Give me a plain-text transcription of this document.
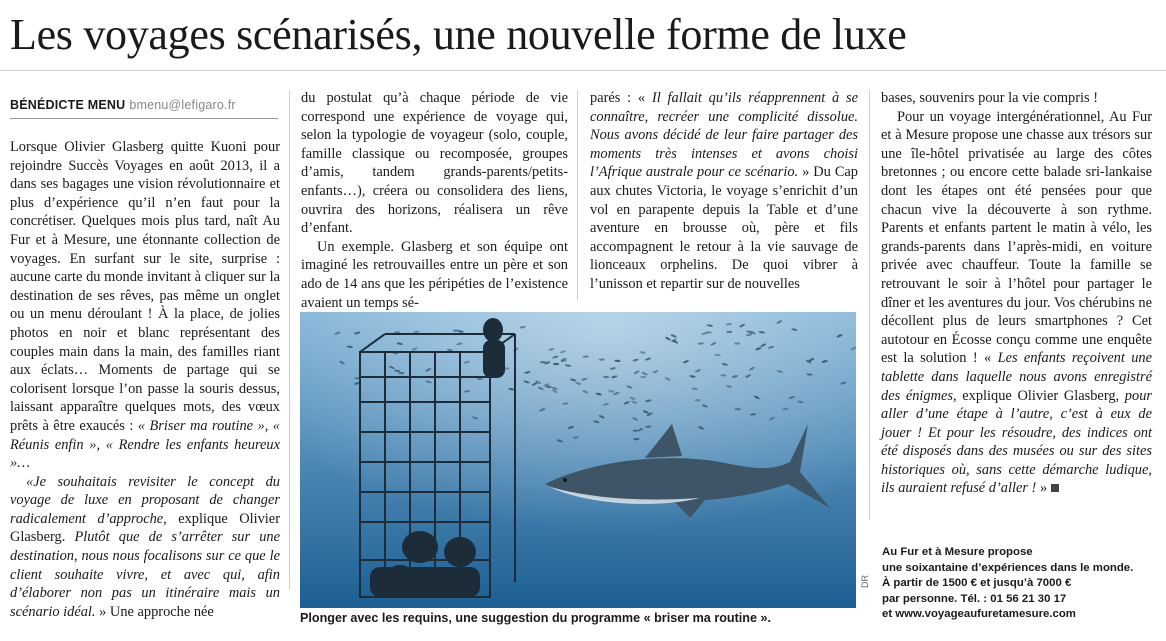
Les voyages scénarisés, une nouvelle forme de luxe
BÉNÉDICTE MENU bmenu@lefigaro.fr

Lorsque Olivier Glasberg quitte Kuoni pour rejoindre Succès Voyages en août 2013, il a dans ses bagages une vision révolutionnaire et plus d’expérience qu’il n’en faut pour la concrétiser. Quelques mois plus tard, naît Au Fur et à Mesure, une étonnante collection de voyages. En surfant sur le site, surprise : aucune carte du monde invitant à cliquer sur la destination de ses rêves, pas même un onglet ou un menu déroulant ! À la place, de jolies photos en noir et blanc représentant des couples main dans la main, des familles riant aux éclats… Moments de partage qui se colorisent lorsque l’on passe la souris dessus, laissant apparaître quelques mots, des vœux prêts à être exaucés : « Briser ma routine », « Réunis enfin », « Rendre les enfants heureux »…

«Je souhaitais revisiter le concept du voyage de luxe en proposant de changer radicalement d’approche, explique Olivier Glasberg. Plutôt que de s’arrêter sur une destination, nous nous focalisons sur ce que le client souhaite vivre, et avec qui, afin d’élaborer non pas un itinéraire mais un scénario idéal. » Une approche née

du postulat qu’à chaque période de vie correspond une expérience de voyage qui, selon la typologie de voyageur (solo, couple, famille classique ou recomposée, groupes d’amis, tandem grands-parents/petits-enfants…), créera ou consolidera des liens, ouvrira des horizons, réalisera un rêve d’enfant.

Un exemple. Glasberg et son équipe ont imaginé les retrouvailles entre un père et son ado de 14 ans que les péripéties de l’existence avaient un temps sé-

parés : « Il fallait qu’ils réapprennent à se connaître, recréer une complicité dissolue. Nous avons décidé de leur faire partager des moments très intenses et avons choisi l’Afrique australe pour ce scénario. » Du Cap aux chutes Victoria, le voyage s’enrichit d’un vol en parapente depuis la Table et d’une aventure en brousse où, père et fils accompagnent le retour à la vie sauvage de lionceaux orphelins. De quoi vibrer à l’unisson et repartir sur de nouvelles

bases, souvenirs pour la vie compris !

Pour un voyage intergénérationnel, Au Fur et à Mesure propose une chasse aux trésors sur une île-hôtel privatisée au large des côtes bretonnes ; ou encore cette balade sri-lankaise dont les étapes ont été pensées pour que chacun vive la découverte à son rythme. Parents et enfants partent le matin à vélo, les grands-parents dans l’après-midi, en voiture privée avec chauffeur. Toute la famille se retrouvant le soir à l’hôtel pour partager le dîner et les aventures du jour. Vos chérubins ne décollent plus de leurs smartphones ? Cet autotour en Écosse conçu comme une enquête est la solution ! « Les enfants reçoivent une tablette dans laquelle nous avons enregistré des énigmes, explique Olivier Glasberg, pour aller d’une étape à l’autre, c’est à eux de jouer ! Et pour les résoudre, des indices ont été disposés dans des musées ou sur des sites historiques où, sans cette démarche ludique, ils auraient refusé d’aller ! »

DR
Plonger avec les requins, une suggestion du programme « briser ma routine ».
Au Fur et à Mesure propose
une soixantaine d’expériences dans le monde.
À partir de 1500 € et jusqu’à 7000 €
par personne. Tél. : 01 56 21 30 17
et www.voyageaufuretamesure.com
